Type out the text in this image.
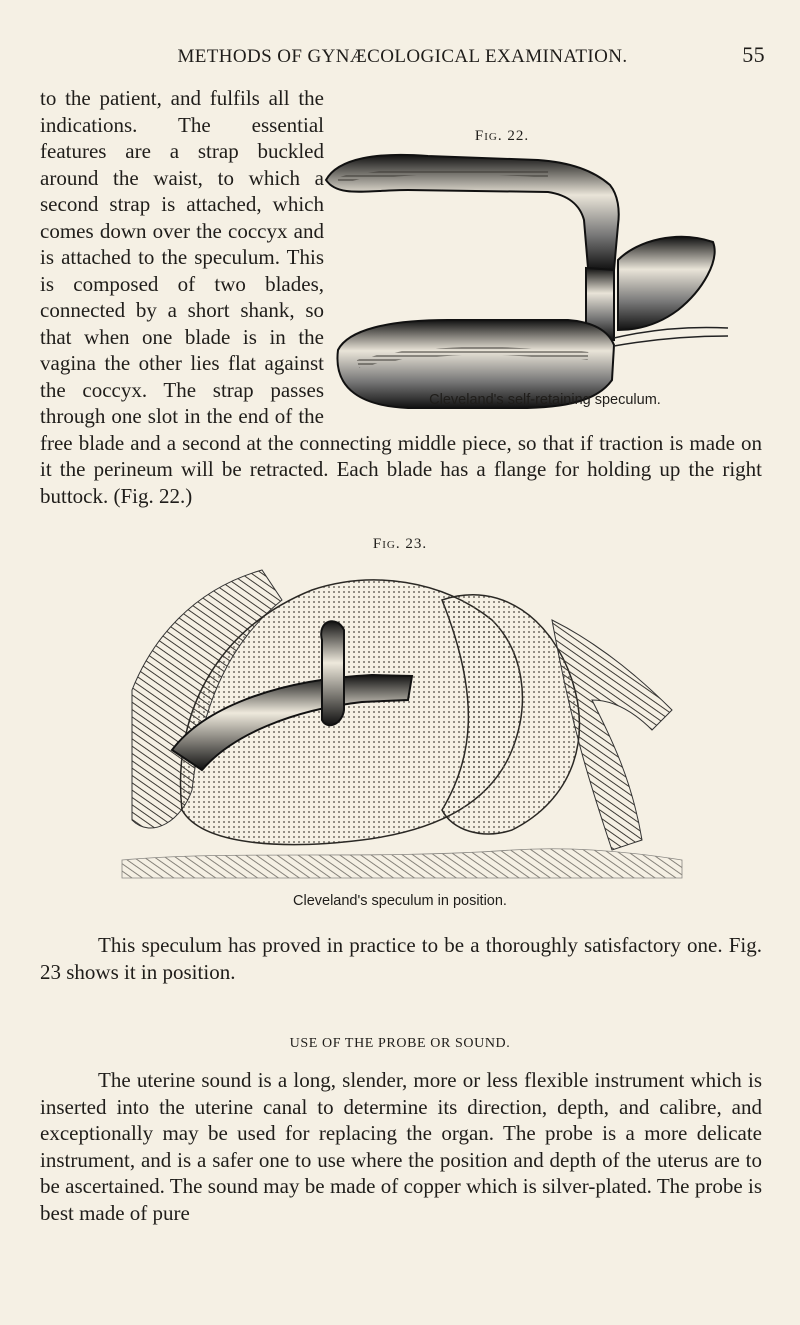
METHODS OF GYNÆCOLOGICAL EXAMINATION.	55
to the patient, and fulfils all the indications. The essential features are a strap buckled around the waist, to which a second strap is attached, which comes down over the coccyx and is attached to the speculum. This is composed of two blades, connected by a short shank, so that when one blade is in the vagina the other lies flat against the coccyx. The strap passes through one slot in the end of the free blade and a second at the connecting middle piece, so that if traction is made on it the perineum will be retracted. Each blade has a flange for holding up the right buttock. (Fig. 22.)
Fig. 22.
Cleveland's self-retaining speculum.
Fig. 23.
Cleveland's speculum in position.
This speculum has proved in practice to be a thoroughly satisfactory one. Fig. 23 shows it in position.
USE OF THE PROBE OR SOUND.
The uterine sound is a long, slender, more or less flexible instrument which is inserted into the uterine canal to determine its direction, depth, and calibre, and exceptionally may be used for replacing the organ. The probe is a more delicate instrument, and is a safer one to use where the position and depth of the uterus are to be ascertained. The sound may be made of copper which is silver-plated. The probe is best made of pure
